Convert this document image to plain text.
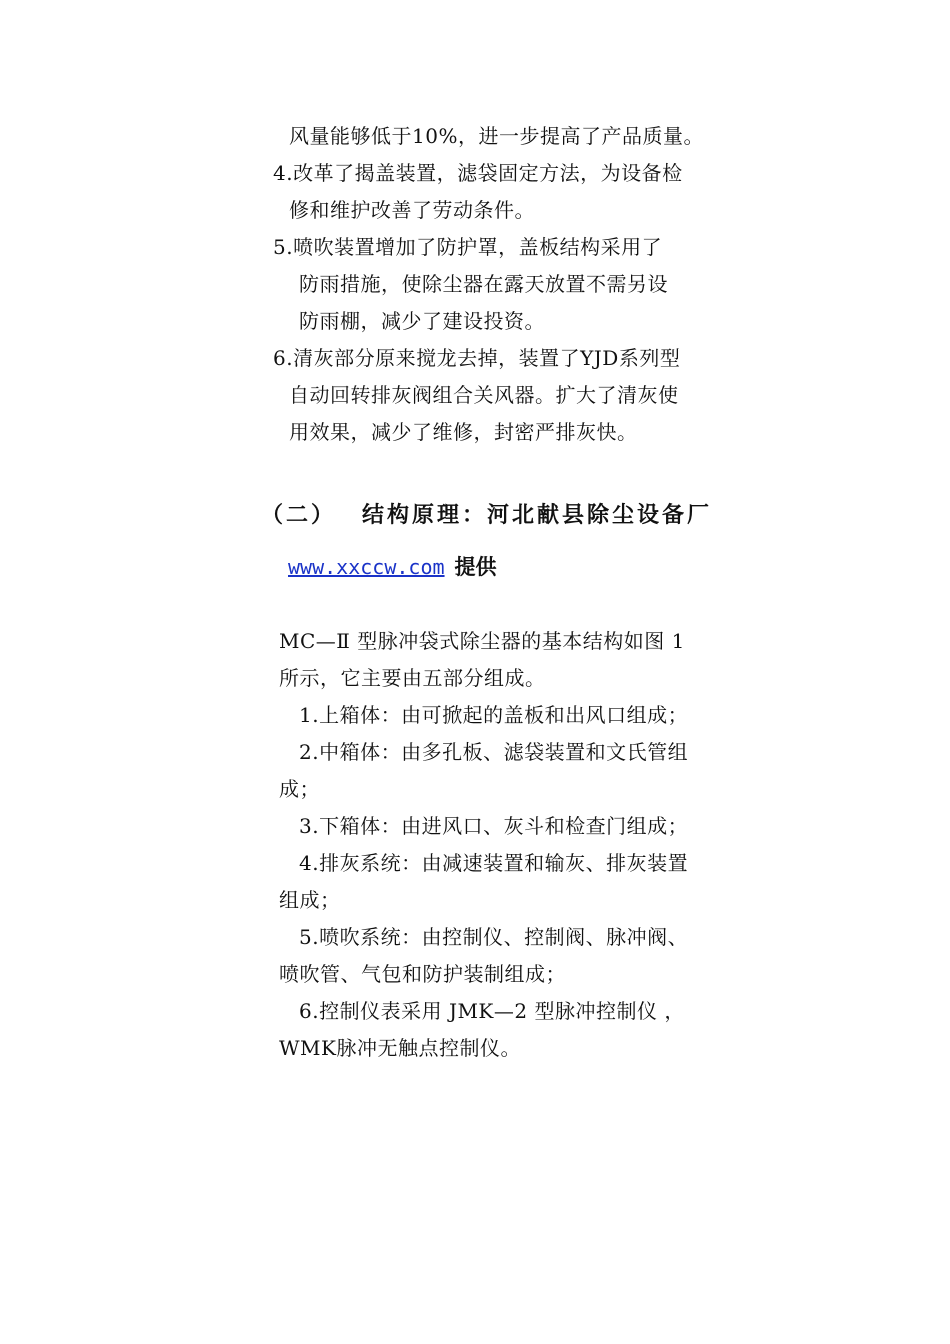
风量能够低于10%，进一步提高了产品质量。
4.改革了揭盖装置，滤袋固定方法，为设备检
修和维护改善了劳动条件。
5.喷吹装置增加了防护罩，盖板结构采用了
防雨措施，使除尘器在露天放置不需另设
防雨棚，减少了建设投资。
6.清灰部分原来搅龙去掉，装置了YJD系列型
自动回转排灰阀组合关风器。扩大了清灰使
用效果，减少了维修，封密严排灰快。
（二） 结构原理：河北献县除尘设备厂
www.xxccw.com 提供
MC—Ⅱ 型脉冲袋式除尘器的基本结构如图 1
所示，它主要由五部分组成。
1.上箱体：由可掀起的盖板和出风口组成；
2.中箱体：由多孔板、滤袋装置和文氏管组
成；
3.下箱体：由进风口、灰斗和检查门组成；
4.排灰系统：由减速装置和输灰、排灰装置
组成；
5.喷吹系统：由控制仪、控制阀、脉冲阀、
喷吹管、气包和防护装制组成；
6.控制仪表采用 JMK—2 型脉冲控制仪 ，
WMK脉冲无触点控制仪。
